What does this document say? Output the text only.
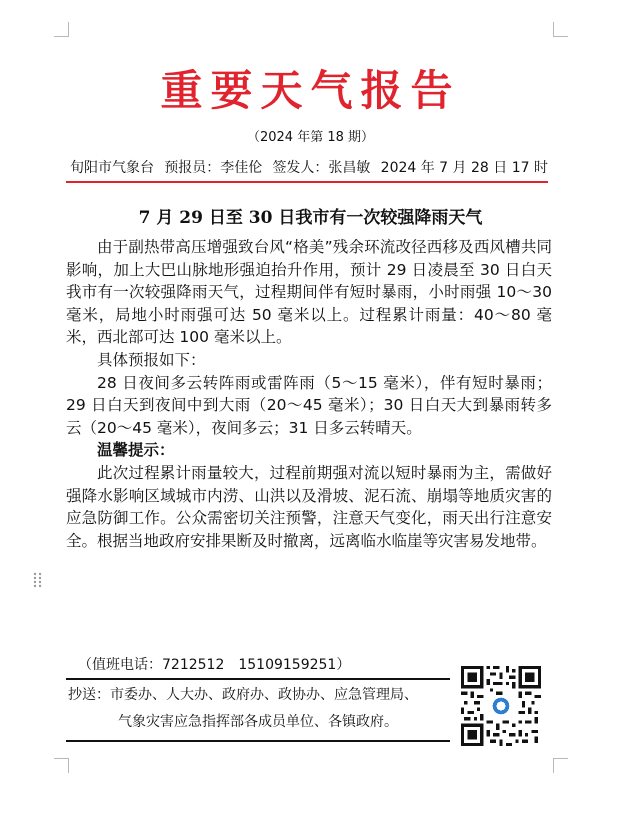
重要天气报告
（2024 年第 18 期）
旬阳市气象台 预报员：李佳伦 签发人：张昌敏 2024 年 7 月 28 日 17 时
7 月 29 日至 30 日我市有一次较强降雨天气

由于副热带高压增强致台风“格美”残余环流改径西移及西风槽共同影响，加上大巴山脉地形强迫抬升作用，预计 29 日凌晨至 30 日白天我市有一次较强降雨天气，过程期间伴有短时暴雨，小时雨强 10～30 毫米，局地小时雨强可达 50 毫米以上。过程累计雨量：40～80 毫米，西北部可达 100 毫米以上。

具体预报如下：

28 日夜间多云转阵雨或雷阵雨（5～15 毫米），伴有短时暴雨；29 日白天到夜间中到大雨（20～45 毫米）；30 日白天大到暴雨转多云（20～45 毫米），夜间多云；31 日多云转晴天。

温馨提示：

此次过程累计雨量较大，过程前期强对流以短时暴雨为主，需做好强降水影响区域城市内涝、山洪以及滑坡、泥石流、崩塌等地质灾害的应急防御工作。公众需密切关注预警，注意天气变化，雨天出行注意安全。根据当地政府安排果断及时撤离，远离临水临崖等灾害易发地带。

（值班电话：7212512　15109159251）
抄送：市委办、人大办、政府办、政协办、应急管理局、
气象灾害应急指挥部各成员单位、各镇政府。
